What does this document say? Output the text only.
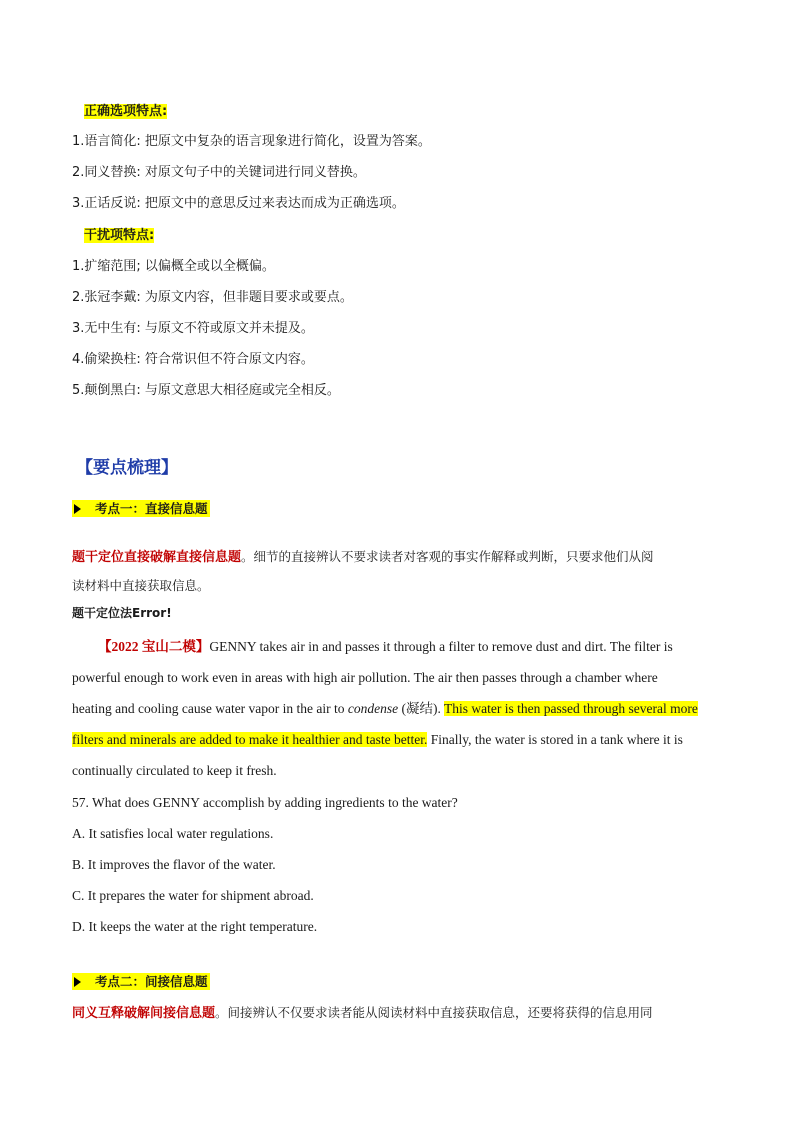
正确选项特点:
1.语言简化: 把原文中复杂的语言现象进行简化，设置为答案。
2.同义替换: 对原文句子中的关键词进行同义替换。
3.正话反说: 把原文中的意思反过来表达而成为正确选项。
干扰项特点:
1.扩缩范围; 以偏概全或以全概偏。
2.张冠李戴: 为原文内容，但非题目要求或要点。
3.无中生有: 与原文不符或原文并未提及。
4.偷梁换柱: 符合常识但不符合原文内容。
5.颠倒黑白: 与原文意思大相径庭或完全相反。
【要点梳理】
考点一：直接信息题
题干定位直接破解直接信息题。细节的直接辨认不要求读者对客观的事实作解释或判断，只要求他们从阅
读材料中直接获取信息。
题干定位法Error!
【2022 宝山二模】GENNY takes air in and passes it through a filter to remove dust and dirt. The filter is
powerful enough to work even in areas with high air pollution. The air then passes through a chamber where
heating and cooling cause water vapor in the air to condense (凝结). This water is then passed through several more
filters and minerals are added to make it healthier and taste better. Finally, the water is stored in a tank where it is
continually circulated to keep it fresh.
57. What does GENNY accomplish by adding ingredients to the water?
A. It satisfies local water regulations.
B. It improves the flavor of the water.
C. It prepares the water for shipment abroad.
D. It keeps the water at the right temperature.
考点二：间接信息题
同义互释破解间接信息题。间接辨认不仅要求读者能从阅读材料中直接获取信息，还要将获得的信息用同
